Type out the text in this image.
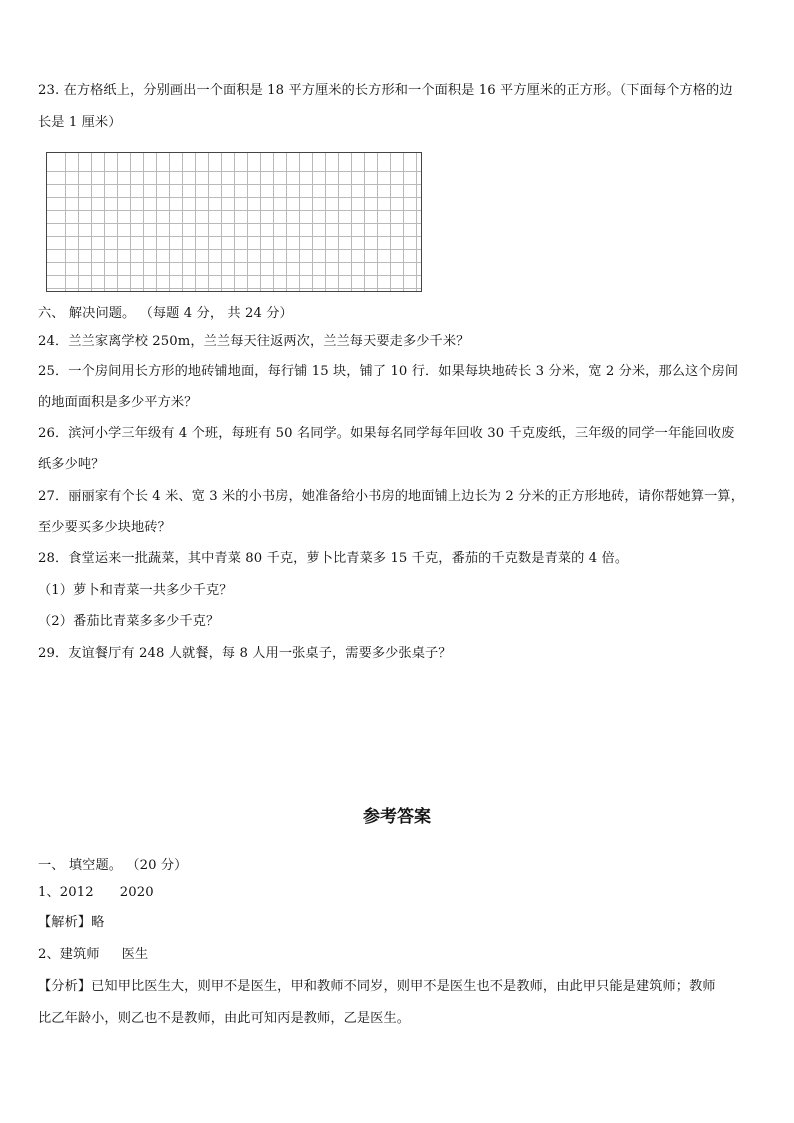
23. 在方格纸上，分别画出一个面积是 18 平方厘米的长方形和一个面积是 16 平方厘米的正方形。（下面每个方格的边
长是 1 厘米）
六、 解决问题。 （每题 4 分， 共 24 分）
24．兰兰家离学校 250m，兰兰每天往返两次，兰兰每天要走多少千米？
25．一个房间用长方形的地砖铺地面，每行铺 15 块，铺了 10 行．如果每块地砖长 3 分米，宽 2 分米，那么这个房间
的地面面积是多少平方米？
26．滨河小学三年级有 4 个班，每班有 50 名同学。如果每名同学每年回收 30 千克废纸，三年级的同学一年能回收废
纸多少吨？
27．丽丽家有个长 4 米、宽 3 米的小书房，她准备给小书房的地面铺上边长为 2 分米的正方形地砖，请你帮她算一算，
至少要买多少块地砖？
28．食堂运来一批蔬菜，其中青菜 80 千克，萝卜比青菜多 15 千克，番茄的千克数是青菜的 4 倍。
（1）萝卜和青菜一共多少千克？
（2）番茄比青菜多多少千克？
29．友谊餐厅有 248 人就餐，每 8 人用一张桌子，需要多少张桌子？
参考答案
一、 填空题。 （20 分）
1、2012 2020
【解析】略
2、建筑师 医生
【分析】已知甲比医生大，则甲不是医生，甲和教师不同岁，则甲不是医生也不是教师，由此甲只能是建筑师；教师
比乙年龄小，则乙也不是教师，由此可知丙是教师，乙是医生。
